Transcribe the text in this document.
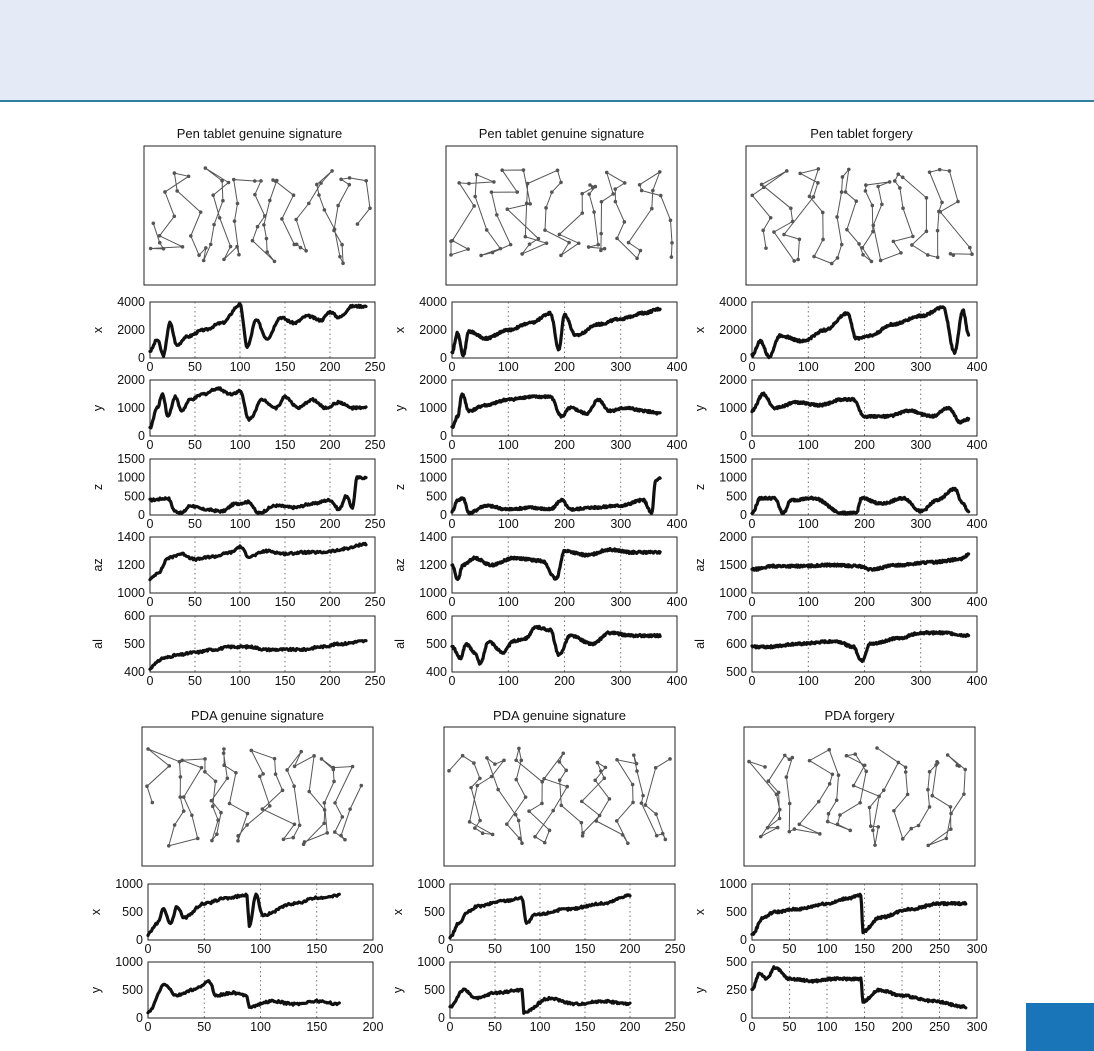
Pen tablet genuine signature
0	50 100 150 200 250
0
2000
4000
x
0	50 100 150 200 250
0
1000
2000
y
0	50 100 150 200 250
0
500
1000
1500
z
0	50 100 150 200 250
1000
1200
1400
az
0	50 100 150 200 250
400
500
600
al
Pen tablet genuine signature
0	100	200	300	400
0
2000
4000
x
0	100	200	300	400
0
1000
2000
y
0	100	200	300	400
0
500
1000
1500
z
0	100	200	300	400
1000
1200
1400
az
0	100	200	300	400
400
500
600
al
Pen tablet forgery
0	100	200	300	400
0
2000
4000
x
0	100	200	300	400
0
1000
2000
y
0	100	200	300	400
0
500
1000
1500
z
0	100	200	300	400
1000
1500
2000
az
0	100	200	300	400
500
600
700
al
PDA genuine signature
0	50	100	150	200
0
500
1000
x
0	50	100	150	200
0
500
1000
y
PDA genuine signature
0	50 100 150 200 250
0
500
1000
x
0	50 100 150 200 250
0
500
1000
y
PDA forgery
0 50 100 150 200 250 300
0
500
1000
x
0 50 100 150 200 250 300
0
250
500
y
